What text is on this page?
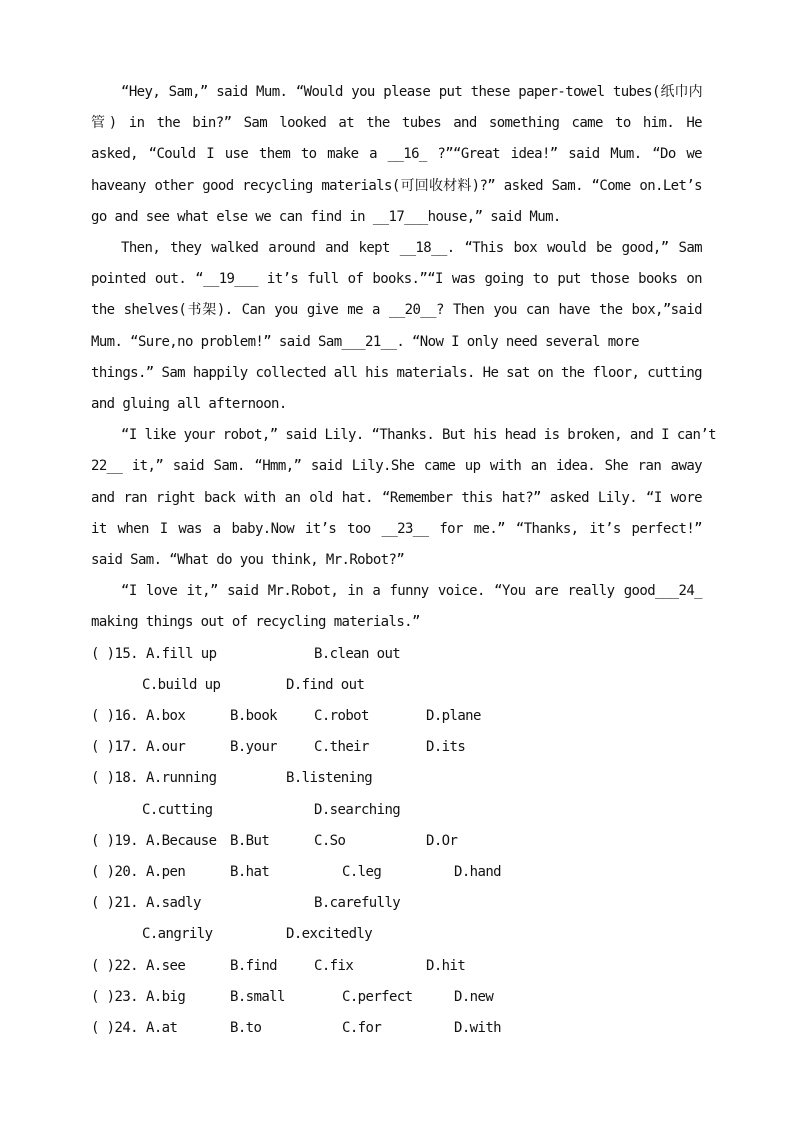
“Hey, Sam,” said Mum. “Would you please put these paper-towel tubes(纸巾内
管) in the bin?” Sam looked at the tubes and something came to him. He
asked, “Could I use them to make a __16_ ?”“Great idea!” said Mum. “Do we
haveany other good recycling materials(可回收材料)?” asked Sam. “Come on.Let’s
go and see what else we can find in __17___house,” said Mum.
Then, they walked around and kept __18__. “This box would be good,” Sam
pointed out. “__19___ it’s full of books.”“I was going to put those books on
the shelves(书架). Can you give me a __20__? Then you can have the box,”said
Mum. “Sure,no problem!” said Sam___21__. “Now I only need several more
things.” Sam happily collected all his materials. He sat on the floor, cutting
and gluing all afternoon.
“I like your robot,” said Lily. “Thanks. But his head is broken, and I can’t
22__ it,” said Sam. “Hmm,” said Lily.She came up with an idea. She ran away
and ran right back with an old hat. “Remember this hat?” asked Lily. “I wore
it when I was a baby.Now it’s too __23__ for me.” “Thanks, it’s perfect!”
said Sam. “What do you think, Mr.Robot?”
“I love it,” said Mr.Robot, in a funny voice. “You are really good___24_
making things out of recycling materials.”
( )15. A.fill up	B.clean out
C.build up	D.find out
( )16. A.box	B.book	C.robot	D.plane
( )17. A.our	B.your	C.their	D.its
( )18. A.running	B.listening
C.cutting	D.searching
( )19. A.Because B.But	C.So	D.Or
( )20. A.pen	B.hat	C.leg	D.hand
( )21. A.sadly	B.carefully
C.angrily	D.excitedly
( )22. A.see	B.find	C.fix	D.hit
( )23. A.big	B.small	C.perfect	D.new
( )24. A.at	B.to	C.for	D.with
